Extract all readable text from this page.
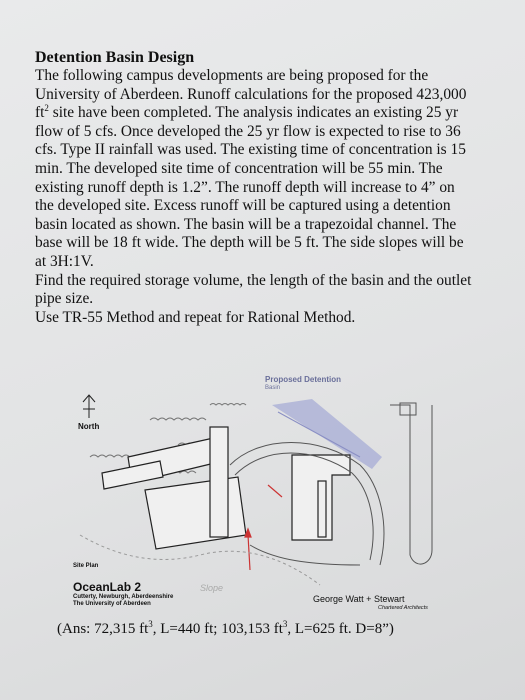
Detention Basin Design

The following campus developments are being proposed for the University of Aberdeen. Runoff calculations for the proposed 423,000 $ft^2$ site have been completed. The analysis indicates an existing 25 yr flow of 5 cfs. Once developed the 25 yr flow is expected to rise to 36 cfs. Type II rainfall was used. The existing time of concentration is 15 min. The developed site time of concentration will be 55 min. The existing runoff depth is 1.2”. The runoff depth will increase to 4” on the developed site. Excess runoff will be captured using a detention basin located as shown. The basin will be a trapezoidal channel. The base will be 18 ft wide. The depth will be 5 ft. The side slopes will be at 3H:1V.

Find the required storage volume, the length of the basin and the outlet pipe size.

Use TR-55 Method and repeat for Rational Method.

Proposed Detention
Basin
North
Site Plan
OceanLab 2
Cutterty, Newburgh, Aberdeenshire
The University of Aberdeen
Slope
George Watt + Stewart
Chartered Architects

(Ans: 72,315 $ft^3$, L=440 ft; 103,153 $ft^3$, L=625 ft. D=8”)
